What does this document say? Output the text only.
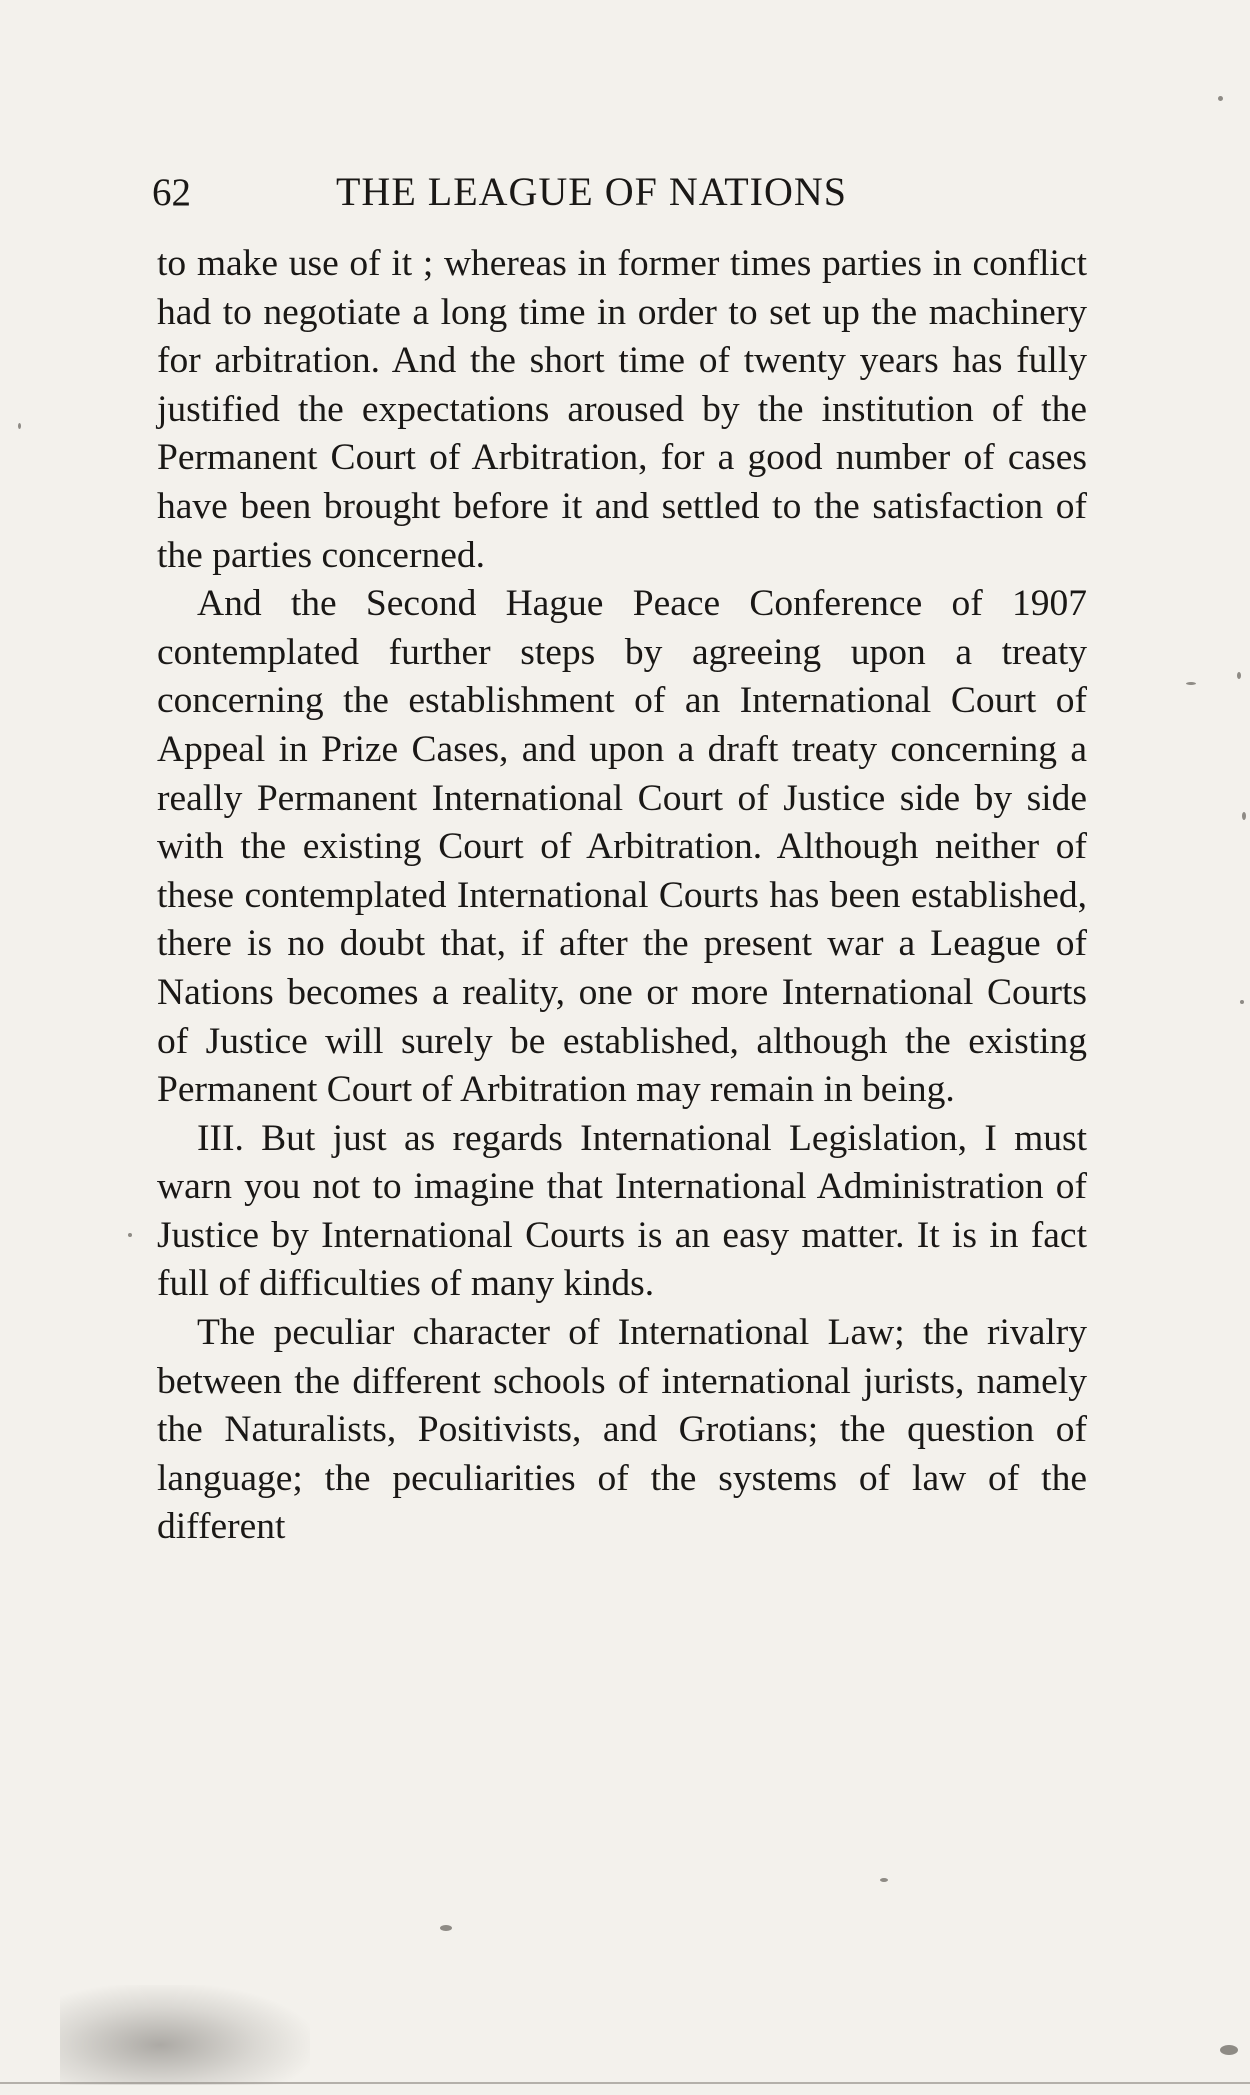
62	THE LEAGUE OF NATIONS

to make use of it ; whereas in former times parties in conflict had to negotiate a long time in order to set up the machinery for arbitration. And the short time of twenty years has fully justified the expectations aroused by the institution of the Permanent Court of Arbitration, for a good number of cases have been brought before it and settled to the satisfaction of the parties concerned.

And the Second Hague Peace Conference of 1907 contemplated further steps by agreeing upon a treaty concerning the establishment of an International Court of Appeal in Prize Cases, and upon a draft treaty concerning a really Permanent International Court of Justice side by side with the existing Court of Arbitration. Although neither of these contemplated International Courts has been established, there is no doubt that, if after the present war a League of Nations becomes a reality, one or more International Courts of Justice will surely be established, although the existing Permanent Court of Arbitration may remain in being.

III. But just as regards International Legislation, I must warn you not to imagine that International Administration of Justice by International Courts is an easy matter. It is in fact full of difficulties of many kinds.

The peculiar character of International Law; the rivalry between the different schools of international jurists, namely the Naturalists, Positivists, and Grotians; the question of language; the peculiarities of the systems of law of the different
